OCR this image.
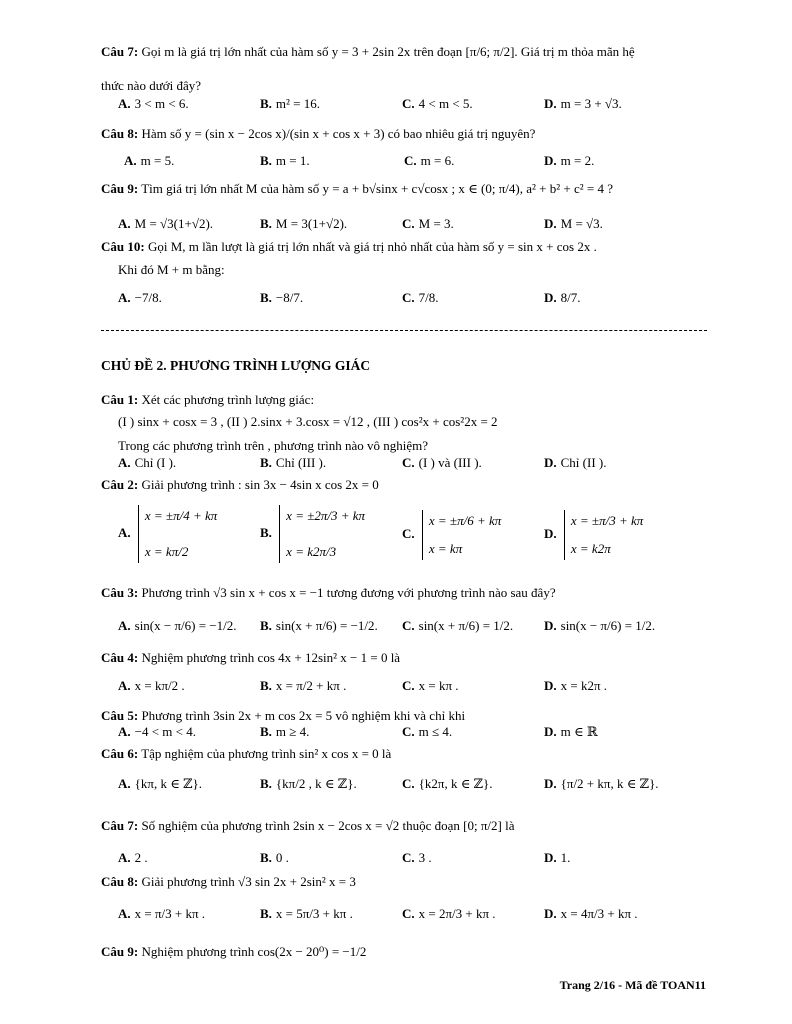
Câu 7: Gọi m là giá trị lớn nhất của hàm số y = 3 + 2sin 2x trên đoạn [π/6; π/2]. Giá trị m thỏa mãn hệ
thức nào dưới đây?
A. 3 < m < 6.	B. m² = 16.	C. 4 < m < 5.	D. m = 3 + √3.
Câu 8: Hàm số y = (sin x − 2cos x)/(sin x + cos x + 3) có bao nhiêu giá trị nguyên?
A. m = 5.	B. m = 1.	C. m = 6.	D. m = 2.
Câu 9: Tìm giá trị lớn nhất M của hàm số y = a + b√sinx + c√cosx ; x ∈ (0; π/4), a² + b² + c² = 4 ?
A. M = √3(1+√2).	B. M = 3(1+√2).	C. M = 3.	D. M = √3.
Câu 10: Gọi M, m lần lượt là giá trị lớn nhất và giá trị nhỏ nhất của hàm số y = sin x + cos 2x .
Khi đó M + m bằng:
A. −7/8.	B. −8/7.	C. 7/8.	D. 8/7.
CHỦ ĐỀ 2. PHƯƠNG TRÌNH LƯỢNG GIÁC
Câu 1: Xét các phương trình lượng giác:
(I ) sinx + cosx = 3 , (II ) 2.sinx + 3.cosx = √12 , (III ) cos²x + cos²2x = 2
Trong các phương trình trên , phương trình nào vô nghiệm?
A. Chỉ (I ).	B. Chỉ (III ).	C. (I ) và (III ).	D. Chỉ (II ).
Câu 2: Giải phương trình : sin 3x − 4sin x cos 2x = 0
A.
x = ±π/4 + kπ
x = kπ/2
B.
x = ±2π/3 + kπ
x = k2π/3
C.
x = ±π/6 + kπ
x = kπ
D.
x = ±π/3 + kπ
x = k2π
Câu 3: Phương trình √3 sin x + cos x = −1 tương đương với phương trình nào sau đây?
A. sin(x − π/6) = −1/2. B. sin(x + π/6) = −1/2. C. sin(x + π/6) = 1/2. D. sin(x − π/6) = 1/2.
Câu 4: Nghiệm phương trình cos 4x + 12sin² x − 1 = 0 là
A. x = kπ/2 .	B. x = π/2 + kπ .	C. x = kπ .	D. x = k2π .
Câu 5: Phương trình 3sin 2x + m cos 2x = 5 vô nghiệm khi và chỉ khi
A. −4 < m < 4.	B. m ≥ 4.	C. m ≤ 4.	D. m ∈ ℝ
Câu 6: Tập nghiệm của phương trình sin² x cos x = 0 là
A. {kπ, k ∈ ℤ}.	B. {kπ/2 , k ∈ ℤ}.	C. {k2π, k ∈ ℤ}.	D. {π/2 + kπ, k ∈ ℤ}.
Câu 7: Số nghiệm của phương trình 2sin x − 2cos x = √2 thuộc đoạn [0; π/2] là
A. 2 .	B. 0 .	C. 3 .	D. 1.
Câu 8: Giải phương trình √3 sin 2x + 2sin² x = 3
A. x = π/3 + kπ .	B. x = 5π/3 + kπ .	C. x = 2π/3 + kπ .	D. x = 4π/3 + kπ .
Câu 9: Nghiệm phương trình cos(2x − 20⁰) = −1/2
Trang 2/16 - Mã đề TOAN11
